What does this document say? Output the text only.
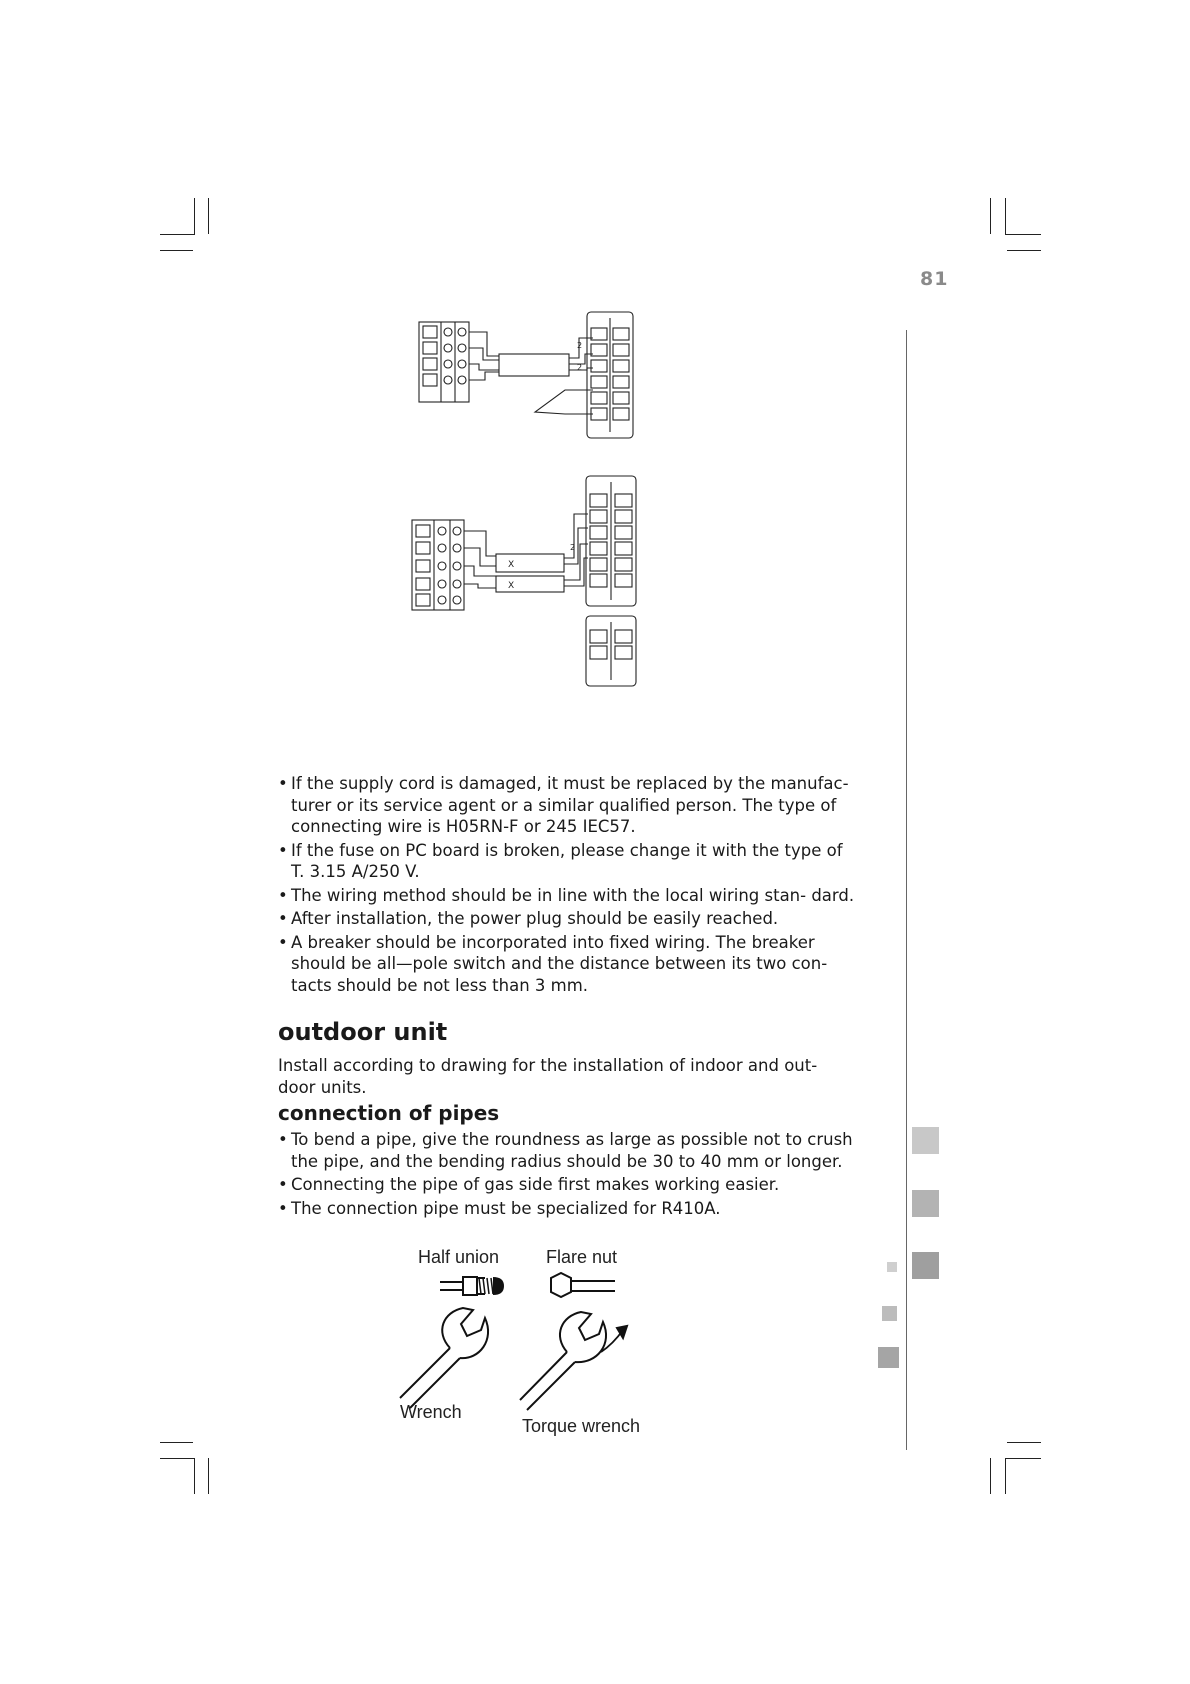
81
2
2
2
X
X
• If the supply cord is damaged, it must be replaced by the manufac- turer or its service agent or a similar qualified person. The type of connecting wire is H05RN-F or 245 IEC57.
• If the fuse on PC board is broken, please change it with the type of T. 3.15 A/250 V.
• The wiring method should be in line with the local wiring stan- dard.
• After installation, the power plug should be easily reached.
• A breaker should be incorporated into fixed wiring. The breaker should be all—pole switch and the distance between its two con- tacts should be not less than 3 mm.
outdoor unit

Install according to drawing for the installation of indoor and out- door units.

connection of pipes
• To bend a pipe, give the roundness as large as possible not to crush the pipe, and the bending radius should be 30 to 40 mm or longer.
• Connecting the pipe of gas side first makes working easier.
• The connection pipe must be specialized for R410A.
Half union	Flare nut
Wrench
Torque wrench
